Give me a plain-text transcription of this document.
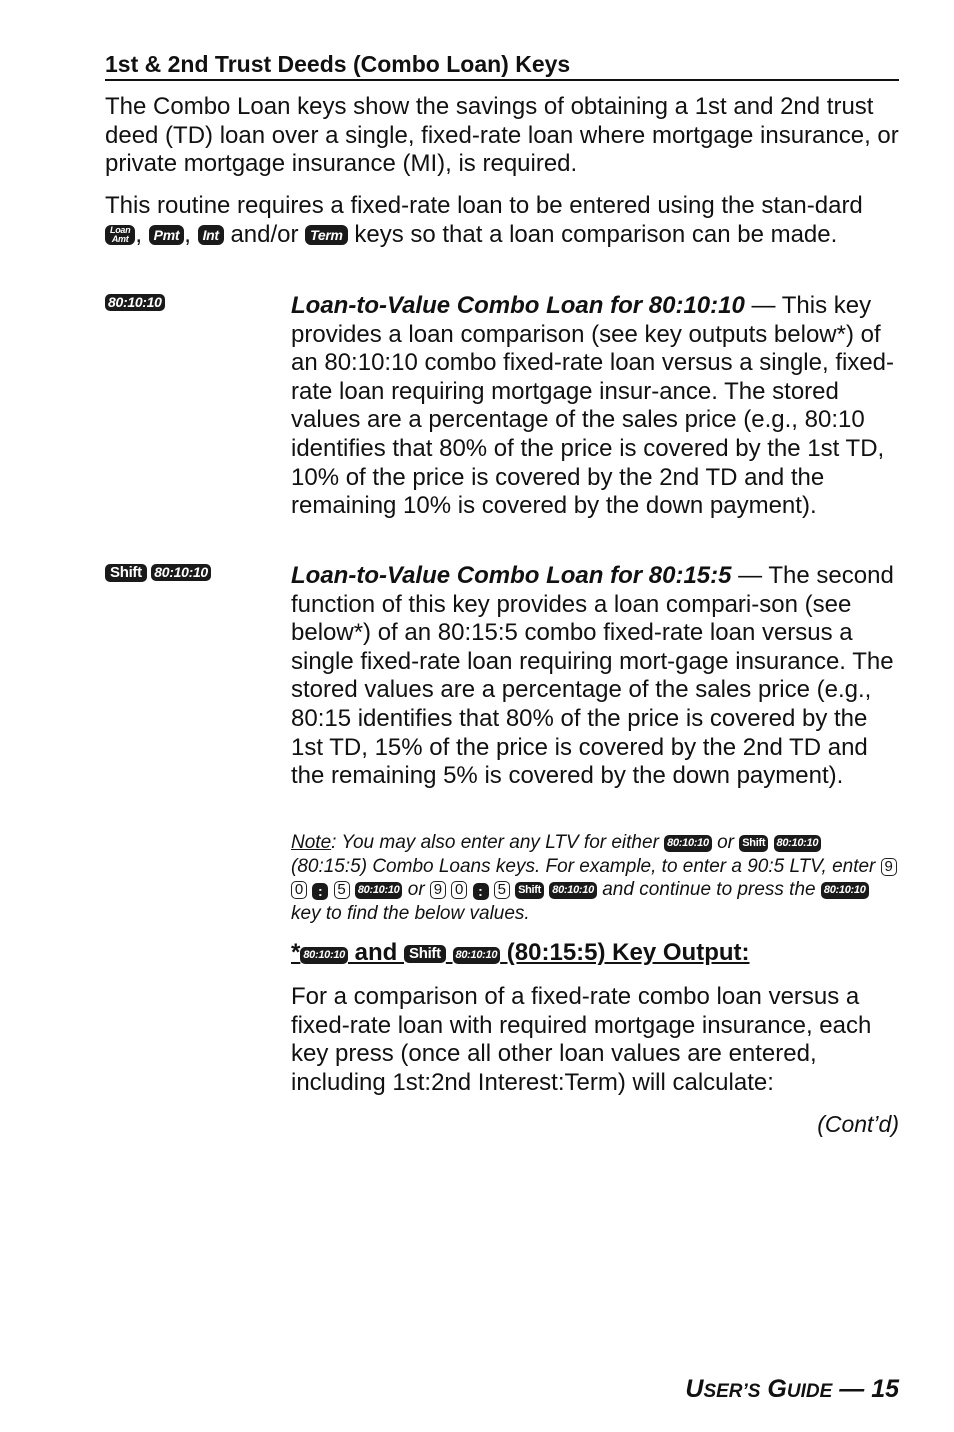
1st & 2nd Trust Deeds (Combo Loan) Keys
The Combo Loan keys show the savings of obtaining a 1st and 2nd trust deed (TD) loan over a single, fixed-rate loan where mortgage insurance, or private mortgage insurance (MI), is required.
This routine requires a fixed-rate loan to be entered using the stan-dard
Loan
Amt , Pmt , Int and/or Term keys so that a loan comparison can be made.
80:10:10	Loan-to-Value Combo Loan for 80:10:10 — This key provides a loan comparison (see key outputs below*) of an 80:10:10 combo fixed-rate loan versus a single, fixed-rate loan requiring mortgage insur-ance. The stored values are a percentage of the sales price (e.g., 80:10 identifies that 80% of the price is covered by the 1st TD, 10% of the price is covered by the 2nd TD and the remaining 10% is covered by the down payment).
Shift 80:10:10	Loan-to-Value Combo Loan for 80:15:5 — The second function of this key provides a loan compari-son (see below*) of an 80:15:5 combo fixed-rate loan versus a single fixed-rate loan requiring mort-gage insurance. The stored values are a percentage of the sales price (e.g., 80:15 identifies that 80% of the price is covered by the 1st TD, 15% of the price is covered by the 2nd TD and the remaining 5% is covered by the down payment).
Note: You may also enter any LTV for either 80:10:10 or Shift 80:10:10 (80:15:5) Combo Loans keys. For example, to enter a 90:5 LTV, enter 9 0 : 5 80:10:10 or 9 0 : 5 Shift 80:10:10 and continue to press the 80:10:10 key to find the below values.
* 80:10:10 and Shift 80:10:10 (80:15:5) Key Output:
For a comparison of a fixed-rate combo loan versus a fixed-rate loan with required mortgage insurance, each key press (once all other loan values are entered, including 1st:2nd Interest:Term) will calculate:
(Cont’d)
USER’S GUIDE — 15
